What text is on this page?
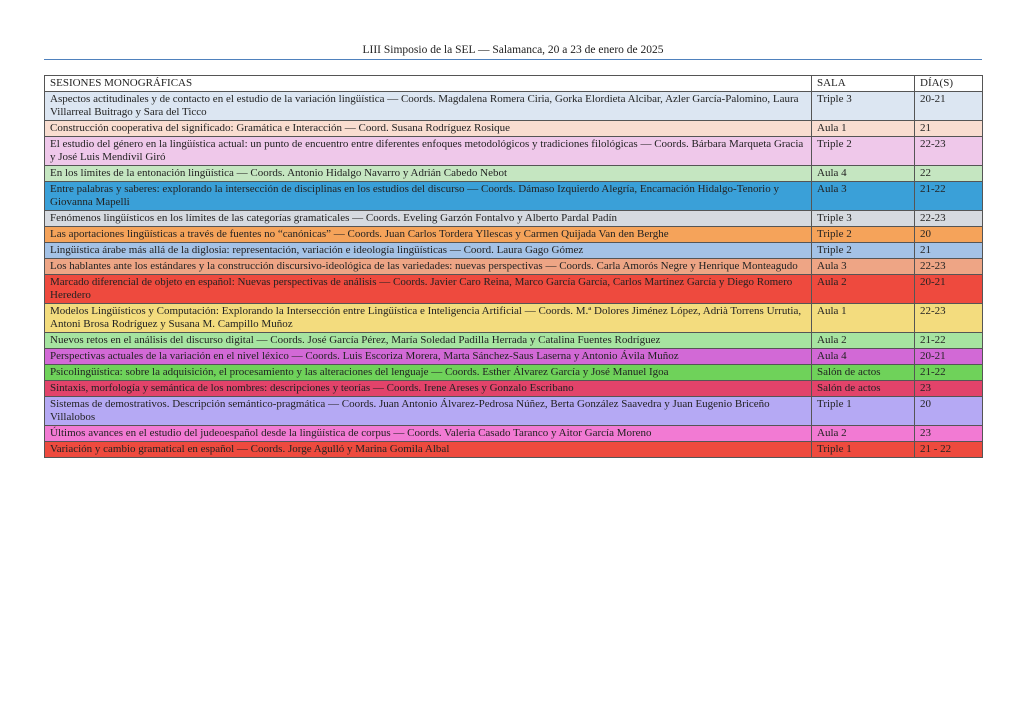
LIII Simposio de la SEL — Salamanca, 20 a 23 de enero de 2025
SESIONES MONOGRÁFICAS	SALA	DÍA(S)
Aspectos actitudinales y de contacto en el estudio de la variación lingüística — Coords. Magdalena Romera Ciria, Gorka Elordieta Alcibar, Azler García-Palomino, Laura Villarreal Buitrago y Sara del Ticco	Triple 3	20-21
Construcción cooperativa del significado: Gramática e Interacción — Coord. Susana Rodríguez Rosique	Aula 1	21
El estudio del género en la lingüística actual: un punto de encuentro entre diferentes enfoques metodológicos y tradiciones filológicas — Coords. Bárbara Marqueta Gracia y José Luis Mendívil Giró	Triple 2	22-23
En los límites de la entonación lingüística — Coords. Antonio Hidalgo Navarro y Adrián Cabedo Nebot	Aula 4	22
Entre palabras y saberes: explorando la intersección de disciplinas en los estudios del discurso — Coords. Dámaso Izquierdo Alegría, Encarnación Hidalgo-Tenorio y Giovanna Mapelli	Aula 3	21-22
Fenómenos lingüísticos en los límites de las categorías gramaticales — Coords. Eveling Garzón Fontalvo y Alberto Pardal Padín	Triple 3	22-23
Las aportaciones lingüísticas a través de fuentes no “canónicas” — Coords. Juan Carlos Tordera Yllescas y Carmen Quijada Van den Berghe	Triple 2	20
Lingüística árabe más allá de la diglosia: representación, variación e ideología lingüísticas — Coord. Laura Gago Gómez	Triple 2	21
Los hablantes ante los estándares y la construcción discursivo-ideológica de las variedades: nuevas perspectivas — Coords. Carla Amorós Negre y Henrique Monteagudo	Aula 3	22-23
Marcado diferencial de objeto en español: Nuevas perspectivas de análisis — Coords. Javier Caro Reina, Marco García García, Carlos Martínez García y Diego Romero Heredero	Aula 2	20-21
Modelos Lingüísticos y Computación: Explorando la Intersección entre Lingüística e Inteligencia Artificial — Coords. M.ª Dolores Jiménez López, Adrià Torrens Urrutia, Antoni Brosa Rodríguez y Susana M. Campillo Muñoz	Aula 1	22-23
Nuevos retos en el análisis del discurso digital — Coords. José García Pérez, María Soledad Padilla Herrada y Catalina Fuentes Rodríguez	Aula 2	21-22
Perspectivas actuales de la variación en el nivel léxico — Coords. Luis Escoriza Morera, Marta Sánchez-Saus Laserna y Antonio Ávila Muñoz	Aula 4	20-21
Psicolingüística: sobre la adquisición, el procesamiento y las alteraciones del lenguaje — Coords. Esther Álvarez García y José Manuel Igoa	Salón de actos	21-22
Sintaxis, morfología y semántica de los nombres: descripciones y teorías — Coords. Irene Areses y Gonzalo Escribano	Salón de actos	23
Sistemas de demostrativos. Descripción semántico-pragmática — Coords. Juan Antonio Álvarez-Pedrosa Núñez, Berta González Saavedra y Juan Eugenio Briceño Villalobos	Triple 1	20
Últimos avances en el estudio del judeoespañol desde la lingüística de corpus — Coords. Valeria Casado Taranco y Aitor García Moreno	Aula 2	23
Variación y cambio gramatical en español — Coords. Jorge Agulló y Marina Gomila Albal	Triple 1	21 - 22
